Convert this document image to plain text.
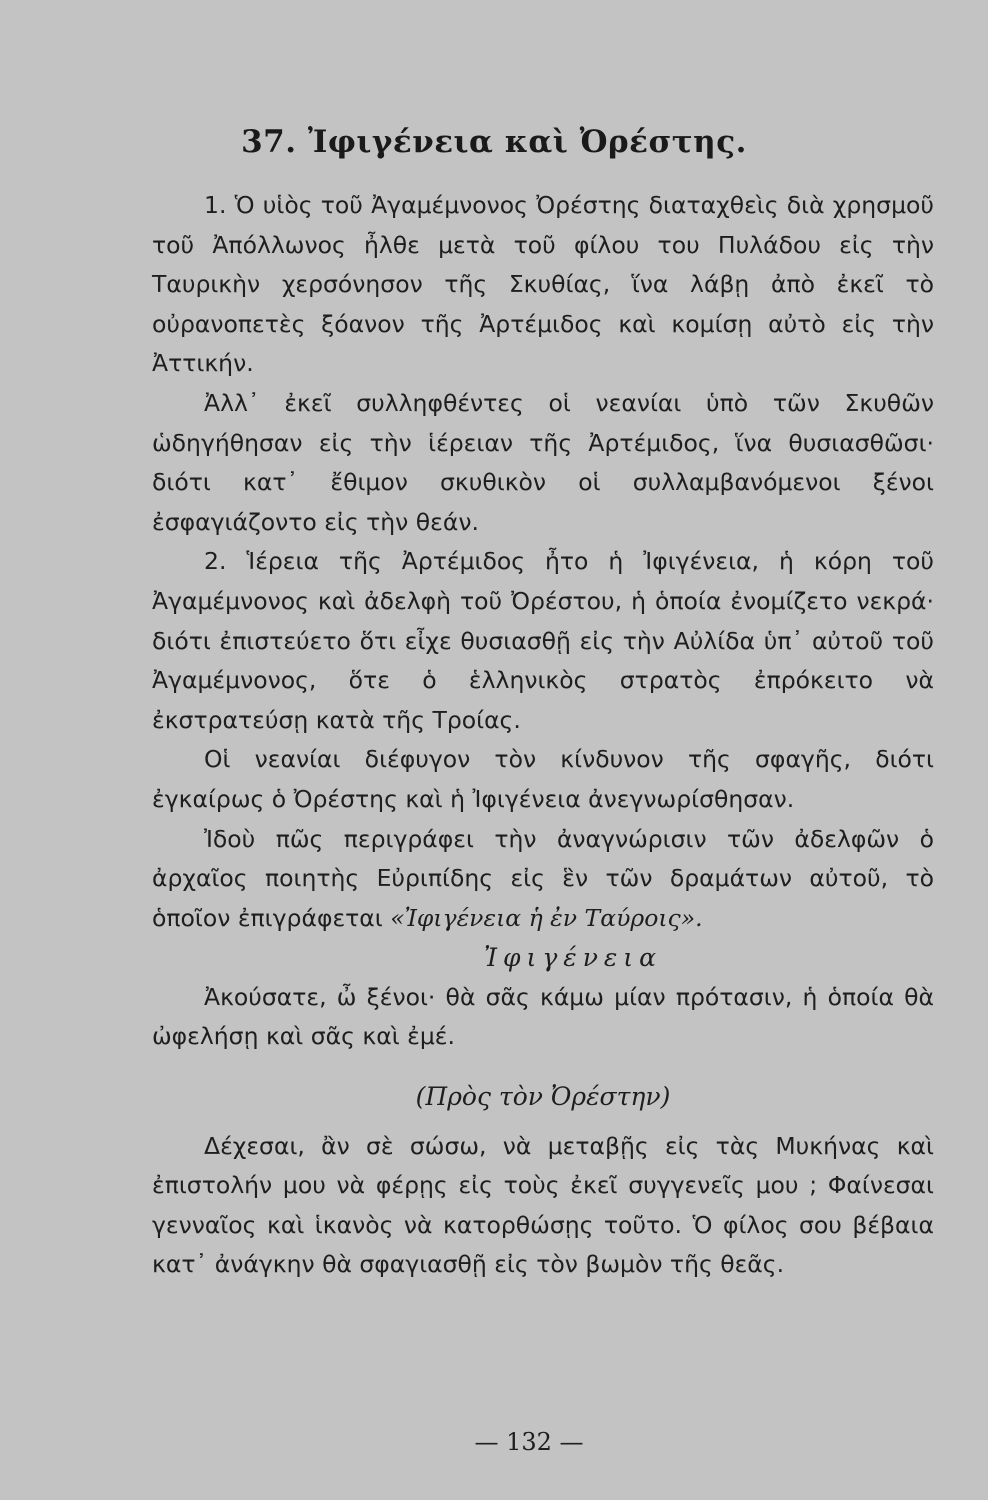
37. Ἰφιγένεια καὶ Ὀρέστης.

1. Ὁ υἱὸς τοῦ Ἀγαμέμνονος Ὀρέστης διαταχθεὶς διὰ χρησμοῦ τοῦ Ἀπόλλωνος ἦλθε μετὰ τοῦ φίλου του Πυλάδου εἰς τὴν Ταυρικὴν χερσόνησον τῆς Σκυθίας, ἵνα λάβῃ ἀπὸ ἐκεῖ τὸ οὐρανοπετὲς ξόανον τῆς Ἀρτέμιδος καὶ κομίσῃ αὐτὸ εἰς τὴν Ἀττικήν.

Ἀλλ᾽ ἐκεῖ συλληφθέντες οἱ νεανίαι ὑπὸ τῶν Σκυθῶν ὡδηγήθησαν εἰς τὴν ἱέρειαν τῆς Ἀρτέμιδος, ἵνα θυσιασθῶσι· διότι κατ᾽ ἔθιμον σκυθικὸν οἱ συλλαμβανόμενοι ξένοι ἐσφαγιάζοντο εἰς τὴν θεάν.

2. Ἱέρεια τῆς Ἀρτέμιδος ἦτο ἡ Ἰφιγένεια, ἡ κόρη τοῦ Ἀγαμέμνονος καὶ ἀδελφὴ τοῦ Ὀρέστου, ἡ ὁποία ἐνομίζετο νεκρά· διότι ἐπιστεύετο ὅτι εἶχε θυσιασθῇ εἰς τὴν Αὐλίδα ὑπ᾽ αὐτοῦ τοῦ Ἀγαμέμνονος, ὅτε ὁ ἑλληνικὸς στρατὸς ἐπρόκειτο νὰ ἐκστρατεύσῃ κατὰ τῆς Τροίας.

Οἱ νεανίαι διέφυγον τὸν κίνδυνον τῆς σφαγῆς, διότι ἐγκαίρως ὁ Ὀρέστης καὶ ἡ Ἰφιγένεια ἀνεγνωρίσθησαν.

Ἰδοὺ πῶς περιγράφει τὴν ἀναγνώρισιν τῶν ἀδελφῶν ὁ ἀρχαῖος ποιητὴς Εὐριπίδης εἰς ἓν τῶν δραμάτων αὐτοῦ, τὸ ὁποῖον ἐπιγράφεται «Ἰφιγένεια ἡ ἐν Ταύροις».

Ἰφιγένεια

Ἀκούσατε, ὦ ξένοι· θὰ σᾶς κάμω μίαν πρότασιν, ἡ ὁποία θὰ ὠφελήσῃ καὶ σᾶς καὶ ἐμέ.

(Πρὸς τὸν Ὀρέστην)

Δέχεσαι, ἂν σὲ σώσω, νὰ μεταβῇς εἰς τὰς Μυκήνας καὶ ἐπιστολήν μου νὰ φέρῃς εἰς τοὺς ἐκεῖ συγγενεῖς μου ; Φαίνεσαι γενναῖος καὶ ἱκανὸς νὰ κατορθώσῃς τοῦτο. Ὁ φίλος σου βέβαια κατ᾽ ἀνάγκην θὰ σφαγιασθῇ εἰς τὸν βωμὸν τῆς θεᾶς.

— 132 —
